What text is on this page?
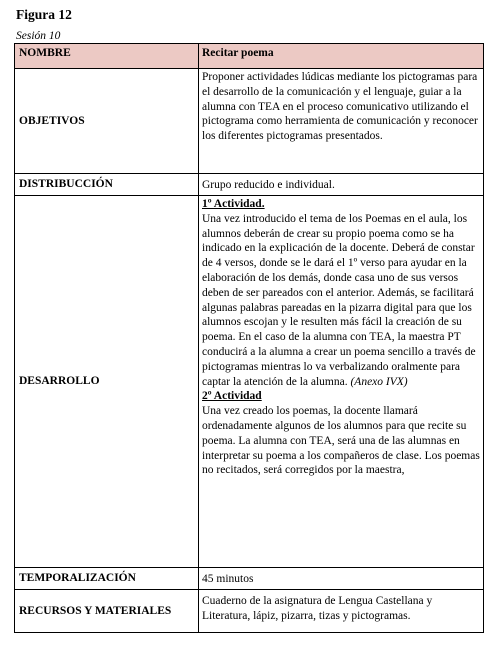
Figura 12
Sesión 10
NOMBRE	Recitar poema
OBJETIVOS	Proponer actividades lúdicas mediante los pictogramas para el desarrollo de la comunicación y el lenguaje, guiar a la alumna con TEA en el proceso comunicativo utilizando el pictograma como herramienta de comunicación y reconocer los diferentes pictogramas presentados.
DISTRIBUCCIÓN	Grupo reducido e individual.
DESARROLLO	1º Actividad.
Una vez introducido el tema de los Poemas en el aula, los alumnos deberán de crear su propio poema como se ha indicado en la explicación de la docente. Deberá de constar de 4 versos, donde se le dará el 1º verso para ayudar en la elaboración de los demás, donde casa uno de sus versos deben de ser pareados con el anterior. Además, se facilitará algunas palabras pareadas en la pizarra digital para que los alumnos escojan y le resulten más fácil la creación de su poema. En el caso de la alumna con TEA, la maestra PT conducirá a la alumna a crear un poema sencillo a través de pictogramas mientras lo va verbalizando oralmente para captar la atención de la alumna. (Anexo IVX)
2º Actividad
Una vez creado los poemas, la docente llamará ordenadamente algunos de los alumnos para que recite su poema. La alumna con TEA, será una de las alumnas en interpretar su poema a los compañeros de clase. Los poemas no recitados, será corregidos por la maestra,

TEMPORALIZACIÓN	45 minutos
RECURSOS Y MATERIALES	Cuaderno de la asignatura de Lengua Castellana y Literatura, lápiz, pizarra, tizas y pictogramas.
